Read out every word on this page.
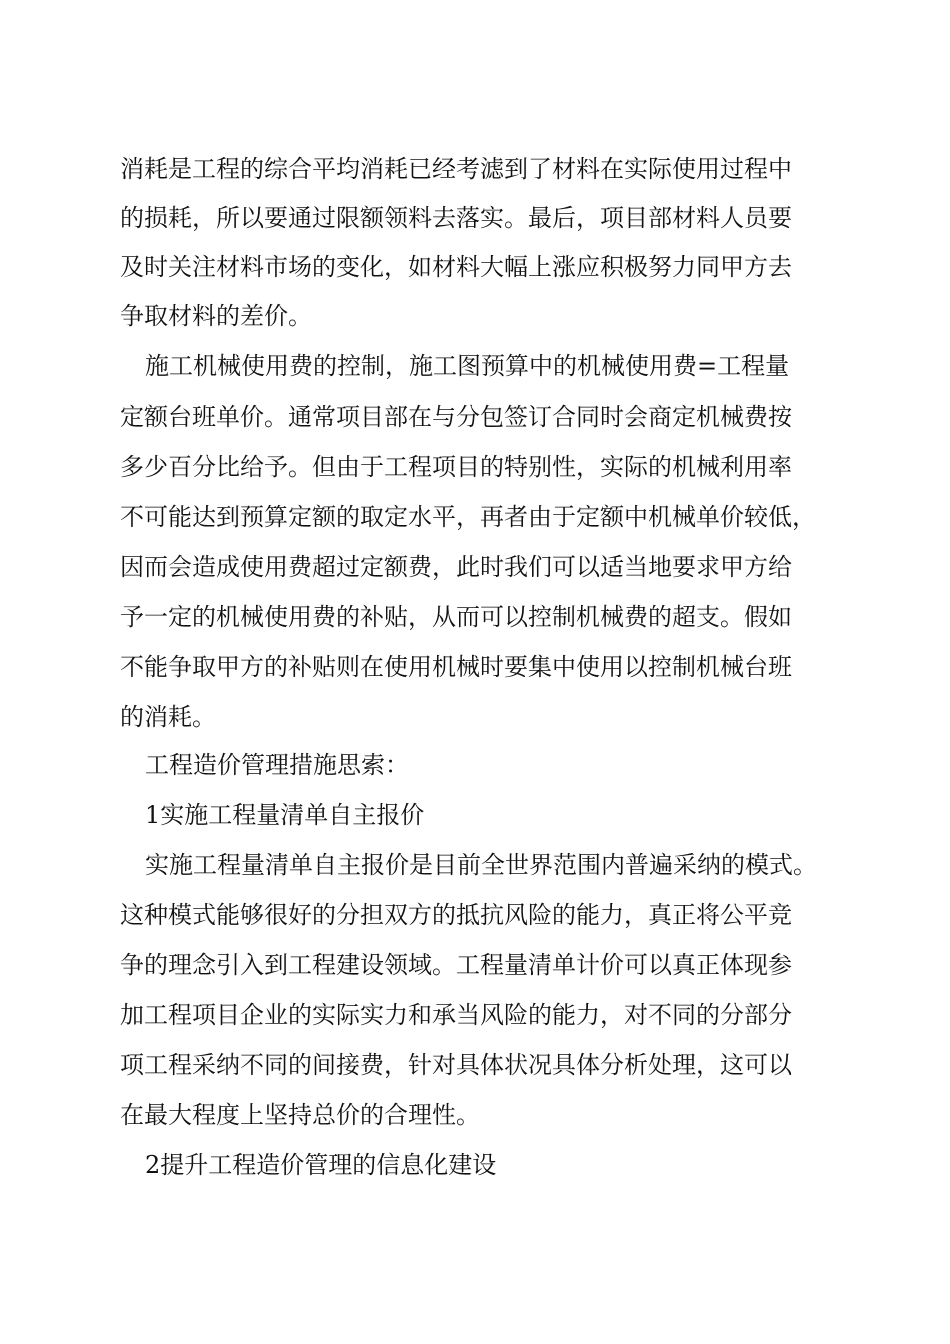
消耗是工程的综合平均消耗已经考滤到了材料在实际使用过程中
的损耗，所以要通过限额领料去落实。最后，项目部材料人员要
及时关注材料市场的变化，如材料大幅上涨应积极努力同甲方去
争取材料的差价。
施工机械使用费的控制，施工图预算中的机械使用费=工程量
定额台班单价。通常项目部在与分包签订合同时会商定机械费按
多少百分比给予。但由于工程项目的特别性，实际的机械利用率
不可能达到预算定额的取定水平，再者由于定额中机械单价较低，
因而会造成使用费超过定额费，此时我们可以适当地要求甲方给
予一定的机械使用费的补贴，从而可以控制机械费的超支。假如
不能争取甲方的补贴则在使用机械时要集中使用以控制机械台班
的消耗。
工程造价管理措施思索：
1实施工程量清单自主报价
实施工程量清单自主报价是目前全世界范围内普遍采纳的模式。
这种模式能够很好的分担双方的抵抗风险的能力，真正将公平竞
争的理念引入到工程建设领域。工程量清单计价可以真正体现参
加工程项目企业的实际实力和承当风险的能力，对不同的分部分
项工程采纳不同的间接费，针对具体状况具体分析处理，这可以
在最大程度上坚持总价的合理性。
2提升工程造价管理的信息化建设
